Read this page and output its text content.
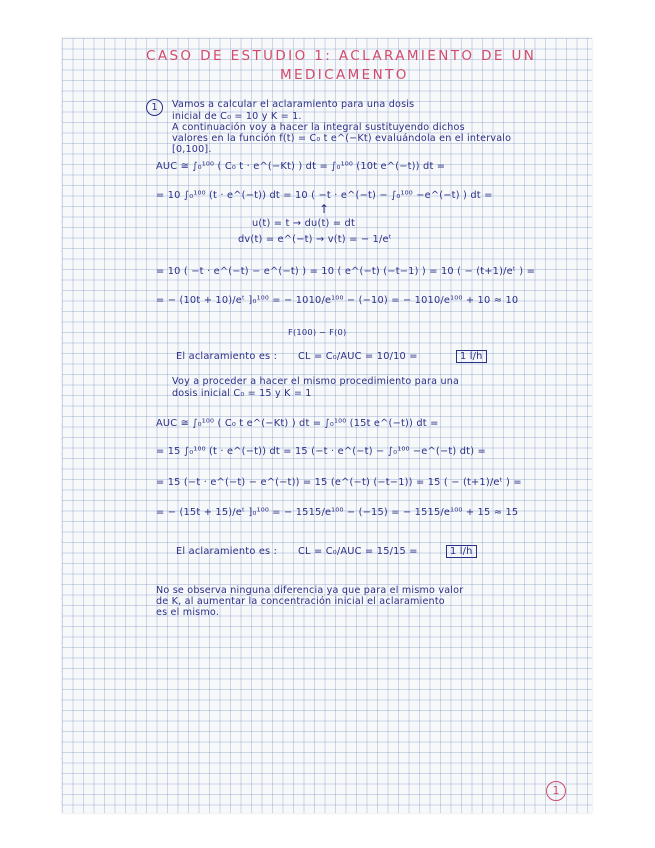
CASO DE ESTUDIO 1: ACLARAMIENTO DE UN
MEDICAMENTO
1	Vamos a calcular el aclaramiento para una dosis
inicial de C₀ = 10 y K = 1.
A continuación voy a hacer la integral sustituyendo dichos
valores en la función f(t) = C₀ t e^(−Kt) evaluándola en el intervalo
[0,100].
AUC ≅ ∫₀¹⁰⁰ ( C₀ t · e^(−Kt) ) dt = ∫₀¹⁰⁰ (10t e^(−t)) dt =
= 10 ∫₀¹⁰⁰ (t · e^(−t)) dt = 10 ( −t · e^(−t) − ∫₀¹⁰⁰ −e^(−t) ) dt =
↑
u(t) = t → du(t) = dt
dv(t) = e^(−t) → v(t) = − 1/eᵗ
= 10 ( −t · e^(−t) − e^(−t) ) = 10 ( e^(−t) (−t−1) ) = 10 ( − (t+1)/eᵗ ) =
= − (10t + 10)/eᵗ ]₀¹⁰⁰ = − 1010/e¹⁰⁰ − (−10) = − 1010/e¹⁰⁰ + 10 ≈ 10
F(100) − F(0)
El aclaramiento es : CL = C₀/AUC = 10/10 =	1 l/h
Voy a proceder a hacer el mismo procedimiento para una
dosis inicial C₀ = 15 y K = 1
AUC ≅ ∫₀¹⁰⁰ ( C₀ t e^(−Kt) ) dt = ∫₀¹⁰⁰ (15t e^(−t)) dt =
= 15 ∫₀¹⁰⁰ (t · e^(−t)) dt = 15 (−t · e^(−t) − ∫₀¹⁰⁰ −e^(−t) dt) =
= 15 (−t · e^(−t) − e^(−t)) = 15 (e^(−t) (−t−1)) = 15 ( − (t+1)/eᵗ ) =
= − (15t + 15)/eᵗ ]₀¹⁰⁰ = − 1515/e¹⁰⁰ − (−15) = − 1515/e¹⁰⁰ + 15 ≈ 15
El aclaramiento es : CL = C₀/AUC = 15/15 =	1 l/h
No se observa ninguna diferencia ya que para el mismo valor
de K, al aumentar la concentración inicial el aclaramiento
es el mismo.
1
